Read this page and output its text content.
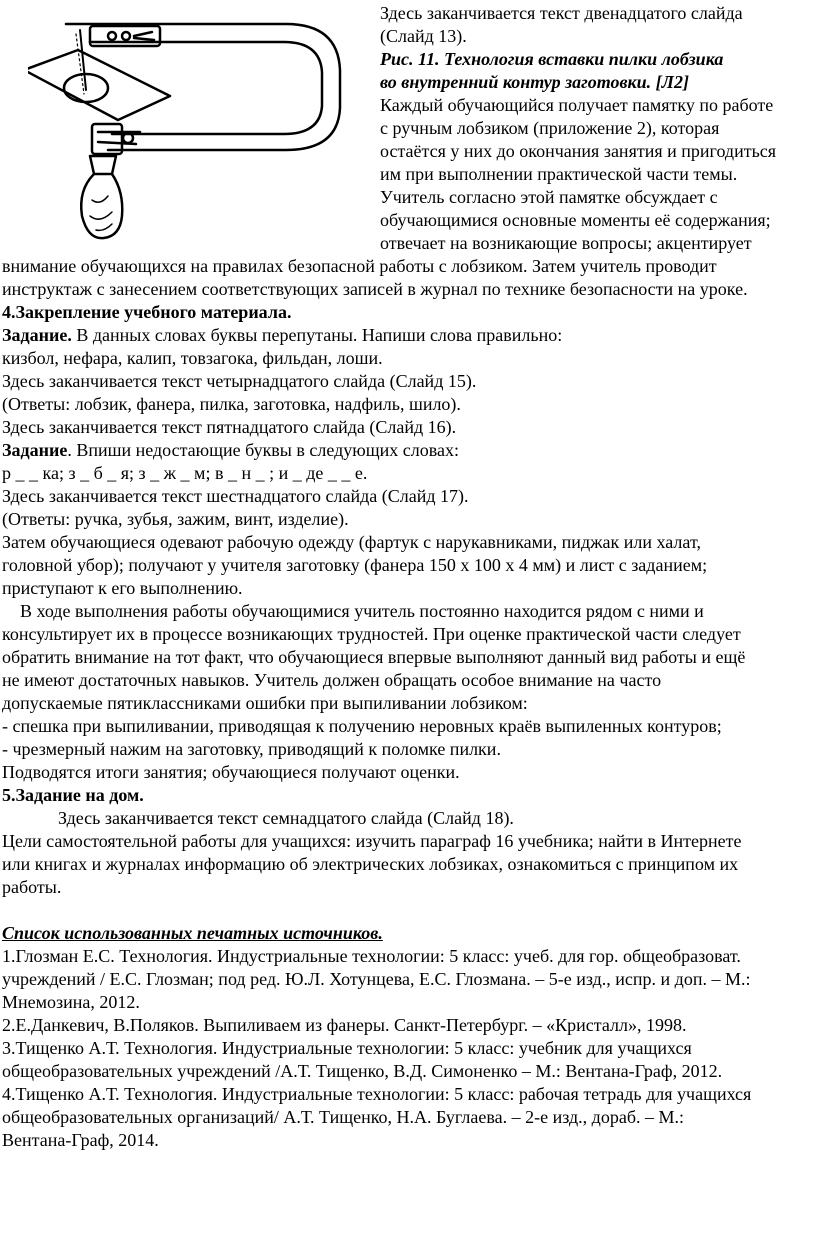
Здесь заканчивается текст двенадцатого слайда

(Слайд 13).

Рис. 11. Технология вставки пилки лобзика

во внутренний контур заготовки. [Л2]

Каждый обучающийся получает памятку по работе

с ручным лобзиком (приложение 2), которая

остаётся у них до окончания занятия и пригодиться

им при выполнении практической части темы.

Учитель согласно этой памятке обсуждает с

обучающимися основные моменты её содержания;

отвечает на возникающие вопросы; акцентирует

внимание обучающихся на правилах безопасной работы с лобзиком. Затем учитель проводит

инструктаж с занесением соответствующих записей в журнал по технике безопасности на уроке.

4.Закрепление учебного материала.

Задание. В данных словах буквы перепутаны. Напиши слова правильно:

кизбол, нефара, калип, товзагока, фильдан, лоши.

Здесь заканчивается текст четырнадцатого слайда (Слайд 15).

(Ответы: лобзик, фанера, пилка, заготовка, надфиль, шило).

Здесь заканчивается текст пятнадцатого слайда (Слайд 16).

Задание. Впиши недостающие буквы в следующих словах:

р _ _ ка; з _ б _ я; з _ ж _ м; в _ н _ ; и _ де _ _ е.

Здесь заканчивается текст шестнадцатого слайда (Слайд 17).

(Ответы: ручка, зубья, зажим, винт, изделие).

Затем обучающиеся одевают рабочую одежду (фартук с нарукавниками, пиджак или халат,

головной убор); получают у учителя заготовку (фанера 150 х 100 х 4 мм) и лист с заданием;

приступают к его выполнению.

В ходе выполнения работы обучающимися учитель постоянно находится рядом с ними и

консультирует их в процессе возникающих трудностей. При оценке практической части следует

обратить внимание на тот факт, что обучающиеся впервые выполняют данный вид работы и ещё

не имеют достаточных навыков. Учитель должен обращать особое внимание на часто

допускаемые пятиклассниками ошибки при выпиливании лобзиком:

- спешка при выпиливании, приводящая к получению неровных краёв выпиленных контуров;

- чрезмерный нажим на заготовку, приводящий к поломке пилки.

Подводятся итоги занятия; обучающиеся получают оценки.

5.Задание на дом.

Здесь заканчивается текст семнадцатого слайда (Слайд 18).

Цели самостоятельной работы для учащихся: изучить параграф 16 учебника; найти в Интернете

или книгах и журналах информацию об электрических лобзиках, ознакомиться с принципом их

работы.

Список использованных печатных источников.

1.Глозман Е.С. Технология. Индустриальные технологии: 5 класс: учеб. для гор. общеобразоват.

учреждений / Е.С. Глозман; под ред. Ю.Л. Хотунцева, Е.С. Глозмана. – 5-е изд., испр. и доп. – М.:

Мнемозина, 2012.

2.Е.Данкевич, В.Поляков. Выпиливаем из фанеры. Санкт-Петербург. – «Кристалл», 1998.

3.Тищенко А.Т. Технология. Индустриальные технологии: 5 класс: учебник для учащихся

общеобразовательных учреждений /А.Т. Тищенко, В.Д. Симоненко – М.: Вентана-Граф, 2012.

4.Тищенко А.Т. Технология. Индустриальные технологии: 5 класс: рабочая тетрадь для учащихся

общеобразовательных организаций/ А.Т. Тищенко, Н.А. Буглаева. – 2-е изд., дораб. – М.:

Вентана-Граф, 2014.
